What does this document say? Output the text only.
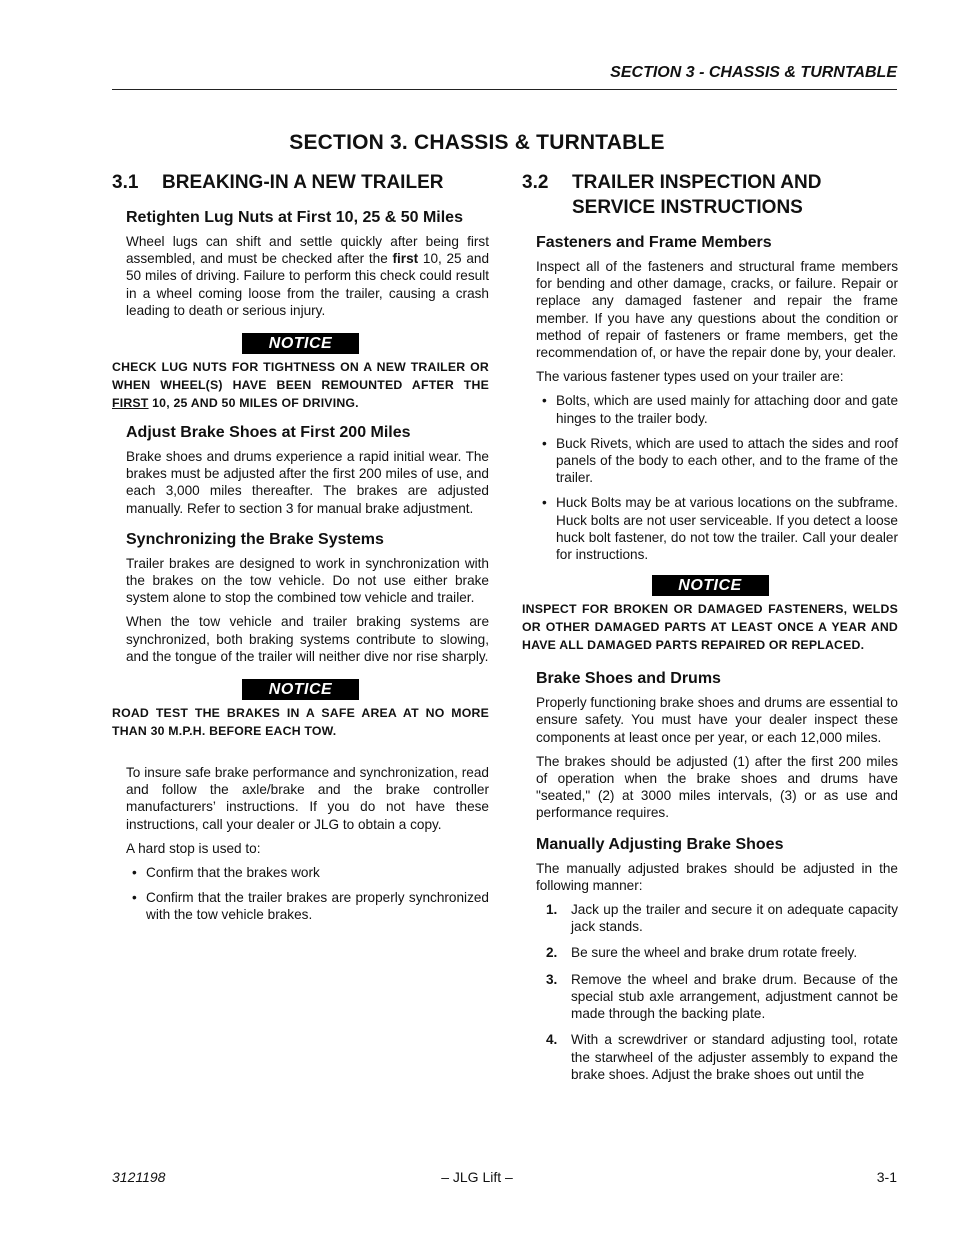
SECTION 3 - CHASSIS & TURNTABLE
SECTION 3. CHASSIS & TURNTABLE
3.1	BREAKING-IN A NEW TRAILER
Retighten Lug Nuts at First 10, 25 & 50 Miles

Wheel lugs can shift and settle quickly after being first assembled, and must be checked after the first 10, 25 and 50 miles of driving. Failure to perform this check could result in a wheel coming loose from the trailer, causing a crash leading to death or serious injury.

NOTICE
CHECK LUG NUTS FOR TIGHTNESS ON A NEW TRAILER OR WHEN WHEEL(S) HAVE BEEN REMOUNTED AFTER THE FIRST 10, 25 AND 50 MILES OF DRIVING.
Adjust Brake Shoes at First 200 Miles

Brake shoes and drums experience a rapid initial wear. The brakes must be adjusted after the first 200 miles of use, and each 3,000 miles thereafter. The brakes are adjusted manually. Refer to section 3 for manual brake adjustment.

Synchronizing the Brake Systems

Trailer brakes are designed to work in synchronization with the brakes on the tow vehicle. Do not use either brake system alone to stop the combined tow vehicle and trailer.

When the tow vehicle and trailer braking systems are synchronized, both braking systems contribute to slowing, and the tongue of the trailer will neither dive nor rise sharply.

NOTICE
ROAD TEST THE BRAKES IN A SAFE AREA AT NO MORE THAN 30 M.P.H. BEFORE EACH TOW.

To insure safe brake performance and synchronization, read and follow the axle/brake and the brake controller manufacturers’ instructions. If you do not have these instructions, call your dealer or JLG to obtain a copy.

A hard stop is used to:

• Confirm that the brakes work
• Confirm that the trailer brakes are properly synchronized with the tow vehicle brakes.
3.2	TRAILER INSPECTION AND SERVICE INSTRUCTIONS
Fasteners and Frame Members

Inspect all of the fasteners and structural frame members for bending and other damage, cracks, or failure. Repair or replace any damaged fastener and repair the frame member. If you have any questions about the condition or method of repair of fasteners or frame members, get the recommendation of, or have the repair done by, your dealer.

The various fastener types used on your trailer are:

• Bolts, which are used mainly for attaching door and gate hinges to the trailer body.
• Buck Rivets, which are used to attach the sides and roof panels of the body to each other, and to the frame of the trailer.
• Huck Bolts may be at various locations on the subframe. Huck bolts are not user serviceable. If you detect a loose huck bolt fastener, do not tow the trailer. Call your dealer for instructions.
NOTICE
INSPECT FOR BROKEN OR DAMAGED FASTENERS, WELDS OR OTHER DAMAGED PARTS AT LEAST ONCE A YEAR AND HAVE ALL DAMAGED PARTS REPAIRED OR REPLACED.
Brake Shoes and Drums

Properly functioning brake shoes and drums are essential to ensure safety. You must have your dealer inspect these components at least once per year, or each 12,000 miles.

The brakes should be adjusted (1) after the first 200 miles of operation when the brake shoes and drums have "seated," (2) at 3000 miles intervals, (3) or as use and performance requires.

Manually Adjusting Brake Shoes

The manually adjusted brakes should be adjusted in the following manner:

1. Jack up the trailer and secure it on adequate capacity jack stands.
2. Be sure the wheel and brake drum rotate freely.
3. Remove the wheel and brake drum. Because of the special stub axle arrangement, adjustment cannot be made through the backing plate.
4. With a screwdriver or standard adjusting tool, rotate the starwheel of the adjuster assembly to expand the brake shoes. Adjust the brake shoes out until the
3121198	– JLG Lift –	3-1
